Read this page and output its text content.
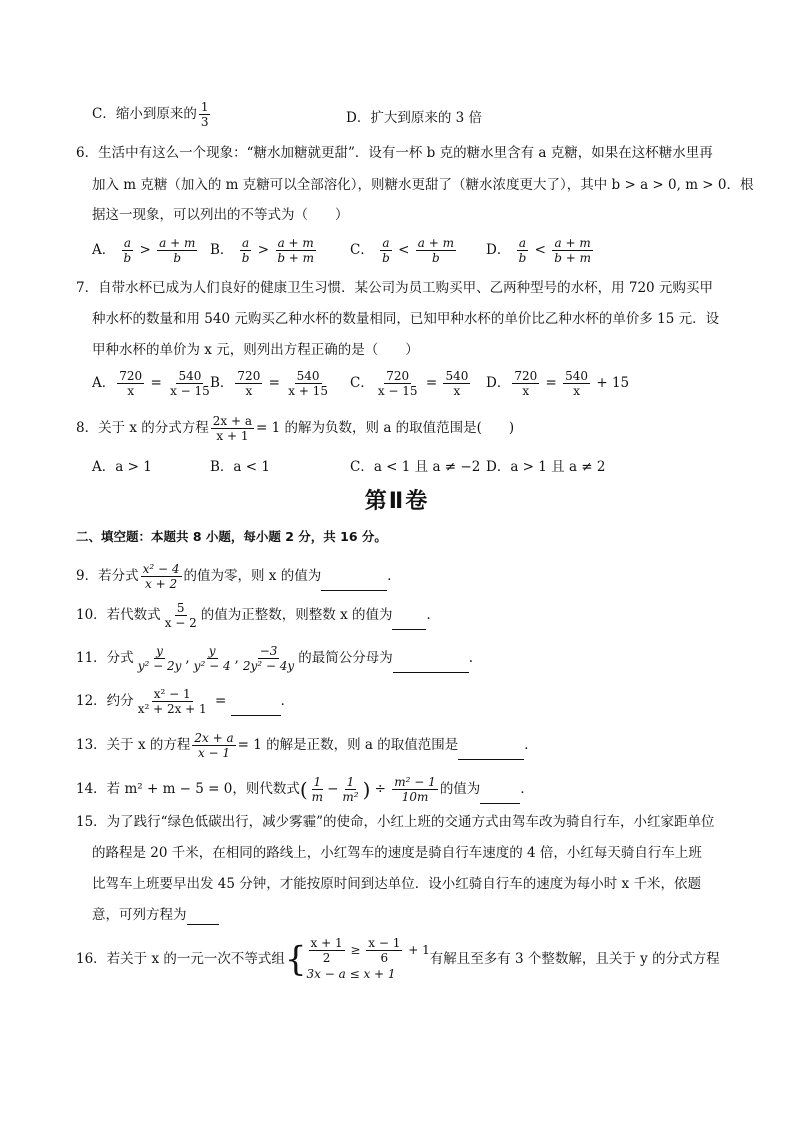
C．缩小到原来的 $\frac{1}{3}$	D．扩大到原来的 3 倍
6．生活中有这么一个现象：“糖水加糖就更甜”．设有一杯 b 克的糖水里含有 a 克糖，如果在这杯糖水里再
加入 m 克糖（加入的 m 克糖可以全部溶化），则糖水更甜了（糖水浓度更大了），其中 b > a > 0, m > 0．根
据这一现象，可以列出的不等式为（　　）
A． $\frac{a}{b} > \frac{a + m}{b}$ B． $\frac{a}{b} > \frac{a + m}{b + m}$	C． $\frac{a}{b} < \frac{a + m}{b}$ D． $\frac{a}{b} < \frac{a + m}{b + m}$
7．自带水杯已成为人们良好的健康卫生习惯．某公司为员工购买甲、乙两种型号的水杯，用 720 元购买甲
种水杯的数量和用 540 元购买乙种水杯的数量相同，已知甲种水杯的单价比乙种水杯的单价多 15 元．设
甲种水杯的单价为 x 元，则列出方程正确的是（　　）
A． $\frac{720}{x} = \frac{540}{x - 15}$
B． $\frac{720}{x} = \frac{540}{x + 15}$ C． $\frac{720}{x - 15} = \frac{540}{x}$ D． $\frac{720}{x} = \frac{540}{x} + 15$
8．关于 x 的分式方程 $\frac{2x + a}{x + 1} = 1$ 的解为负数，则 a 的取值范围是(　　)
A．a > 1	B．a < 1	C．a < 1 且 a ≠ −2 D．a > 1 且 a ≠ 2
第Ⅱ卷
二、填空题：本题共 8 小题，每小题 2 分，共 16 分。
9．若分式 $\frac{\text{x² − 4}}{x + 2}$ 的值为零，则 x 的值为	．
10．若代数式 $\frac{5}{x - 2}$ 的值为正整数，则整数 x 的值为	．
11．分式 $\frac{y}{\text{y² − 2y}}$ , $\frac{y}{\text{y² − 4}}$ , $\frac{-3}{\text{2y² − 4y}}$ 的最简公分母为	.
12．约分 $\frac{\text{x² − 1}}{\text{x² + 2x + 1}}$ =	．
13．关于 x 的方程 $\frac{2x + a}{x - 1} = 1$ 的解是正数，则 a 的取值范围是	．
14．若 m² + m − 5 = 0，则代数式( $\frac{1}{m} - \frac{1}{\text{m²}}$ ) ÷ $\frac{\text{m² − 1}}{10m}$ 的值为	．
15．为了践行“绿色低碳出行，减少雾霾”的使命，小红上班的交通方式由驾车改为骑自行车，小红家距单位
的路程是 20 千米，在相同的路线上，小红驾车的速度是骑自行车速度的 4 倍，小红每天骑自行车上班
比驾车上班要早出发 45 分钟，才能按原时间到达单位．设小红骑自行车的速度为每小时 x 千米，依题
意，可列方程为
16．若关于 x 的一元一次不等式组{ $\frac{x + 1}{2} \ge \frac{x - 1}{6} + 1$
3x − a ≤ x + 1
有解且至多有 3 个整数解，且关于 y 的分式方程
